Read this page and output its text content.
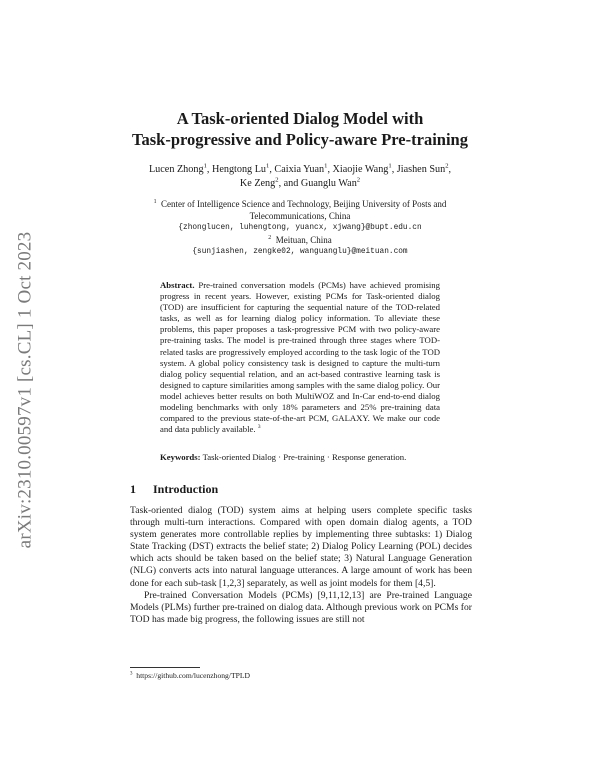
arXiv:2310.00597v1 [cs.CL] 1 Oct 2023
A Task-oriented Dialog Model with
Task-progressive and Policy-aware Pre-training
Lucen Zhong$^1$, Hengtong Lu$^1$, Caixia Yuan$^1$, Xiaojie Wang$^1$, Jiashen Sun$^2$, Ke Zeng$^2$, and Guanglu Wan$^2$
$^1$ Center of Intelligence Science and Technology, Beijing University of Posts and Telecommunications, China
{zhonglucen, luhengtong, yuancx, xjwang}@bupt.edu.cn
$^2$ Meituan, China
{sunjiashen, zengke02, wanguanglu}@meituan.com
Abstract. Pre-trained conversation models (PCMs) have achieved promising progress in recent years. However, existing PCMs for Task-oriented dialog (TOD) are insufficient for capturing the sequential nature of the TOD-related tasks, as well as for learning dialog policy information. To alleviate these problems, this paper proposes a task-progressive PCM with two policy-aware pre-training tasks. The model is pre-trained through three stages where TOD-related tasks are progressively employed according to the task logic of the TOD system. A global policy consistency task is designed to capture the multi-turn dialog policy sequential relation, and an act-based contrastive learning task is designed to capture similarities among samples with the same dialog policy. Our model achieves better results on both MultiWOZ and In-Car end-to-end dialog modeling benchmarks with only 18% parameters and 25% pre-training data compared to the previous state-of-the-art PCM, GALAXY. We make our code and data publicly available. $^3$
Keywords: Task-oriented Dialog · Pre-training · Response generation.
1 Introduction

Task-oriented dialog (TOD) system aims at helping users complete specific tasks through multi-turn interactions. Compared with open domain dialog agents, a TOD system generates more controllable replies by implementing three subtasks: 1) Dialog State Tracking (DST) extracts the belief state; 2) Dialog Policy Learning (POL) decides which acts should be taken based on the belief state; 3) Natural Language Generation (NLG) converts acts into natural language utterances. A large amount of work has been done for each sub-task [1,2,3] separately, as well as joint models for them [4,5].

Pre-trained Conversation Models (PCMs) [9,11,12,13] are Pre-trained Language Models (PLMs) further pre-trained on dialog data. Although previous work on PCMs for TOD has made big progress, the following issues are still not

$^3$ https://github.com/lucenzhong/TPLD
